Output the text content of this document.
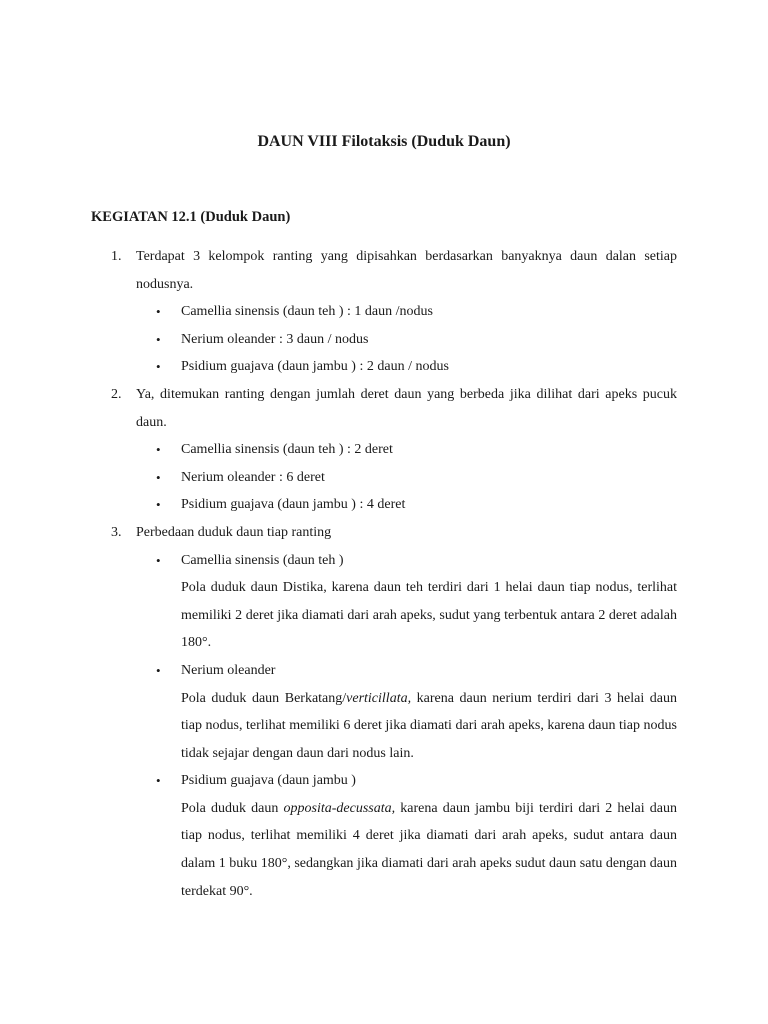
DAUN VIII Filotaksis (Duduk Daun)
KEGIATAN 12.1 (Duduk Daun)
1. Terdapat 3 kelompok ranting yang dipisahkan berdasarkan banyaknya daun dalan setiap nodusnya.
• Camellia sinensis (daun teh ) : 1 daun /nodus
• Nerium oleander : 3 daun / nodus
• Psidium guajava (daun jambu ) : 2 daun / nodus
2. Ya, ditemukan ranting dengan jumlah deret daun yang berbeda jika dilihat dari apeks pucuk daun.
• Camellia sinensis (daun teh ) : 2 deret
• Nerium oleander : 6 deret
• Psidium guajava (daun jambu ) : 4 deret
3. Perbedaan duduk daun tiap ranting
• Camellia sinensis (daun teh )
Pola duduk daun Distika, karena daun teh terdiri dari 1 helai daun tiap nodus, terlihat memiliki 2 deret jika diamati dari arah apeks, sudut yang terbentuk antara 2 deret adalah 180°.
• Nerium oleander
Pola duduk daun Berkatang/verticillata, karena daun nerium terdiri dari 3 helai daun tiap nodus, terlihat memiliki 6 deret jika diamati dari arah apeks, karena daun tiap nodus tidak sejajar dengan daun dari nodus lain.
• Psidium guajava (daun jambu )
Pola duduk daun opposita-decussata, karena daun jambu biji terdiri dari 2 helai daun tiap nodus, terlihat memiliki 4 deret jika diamati dari arah apeks, sudut antara daun dalam 1 buku 180°, sedangkan jika diamati dari arah apeks sudut daun satu dengan daun terdekat 90°.
